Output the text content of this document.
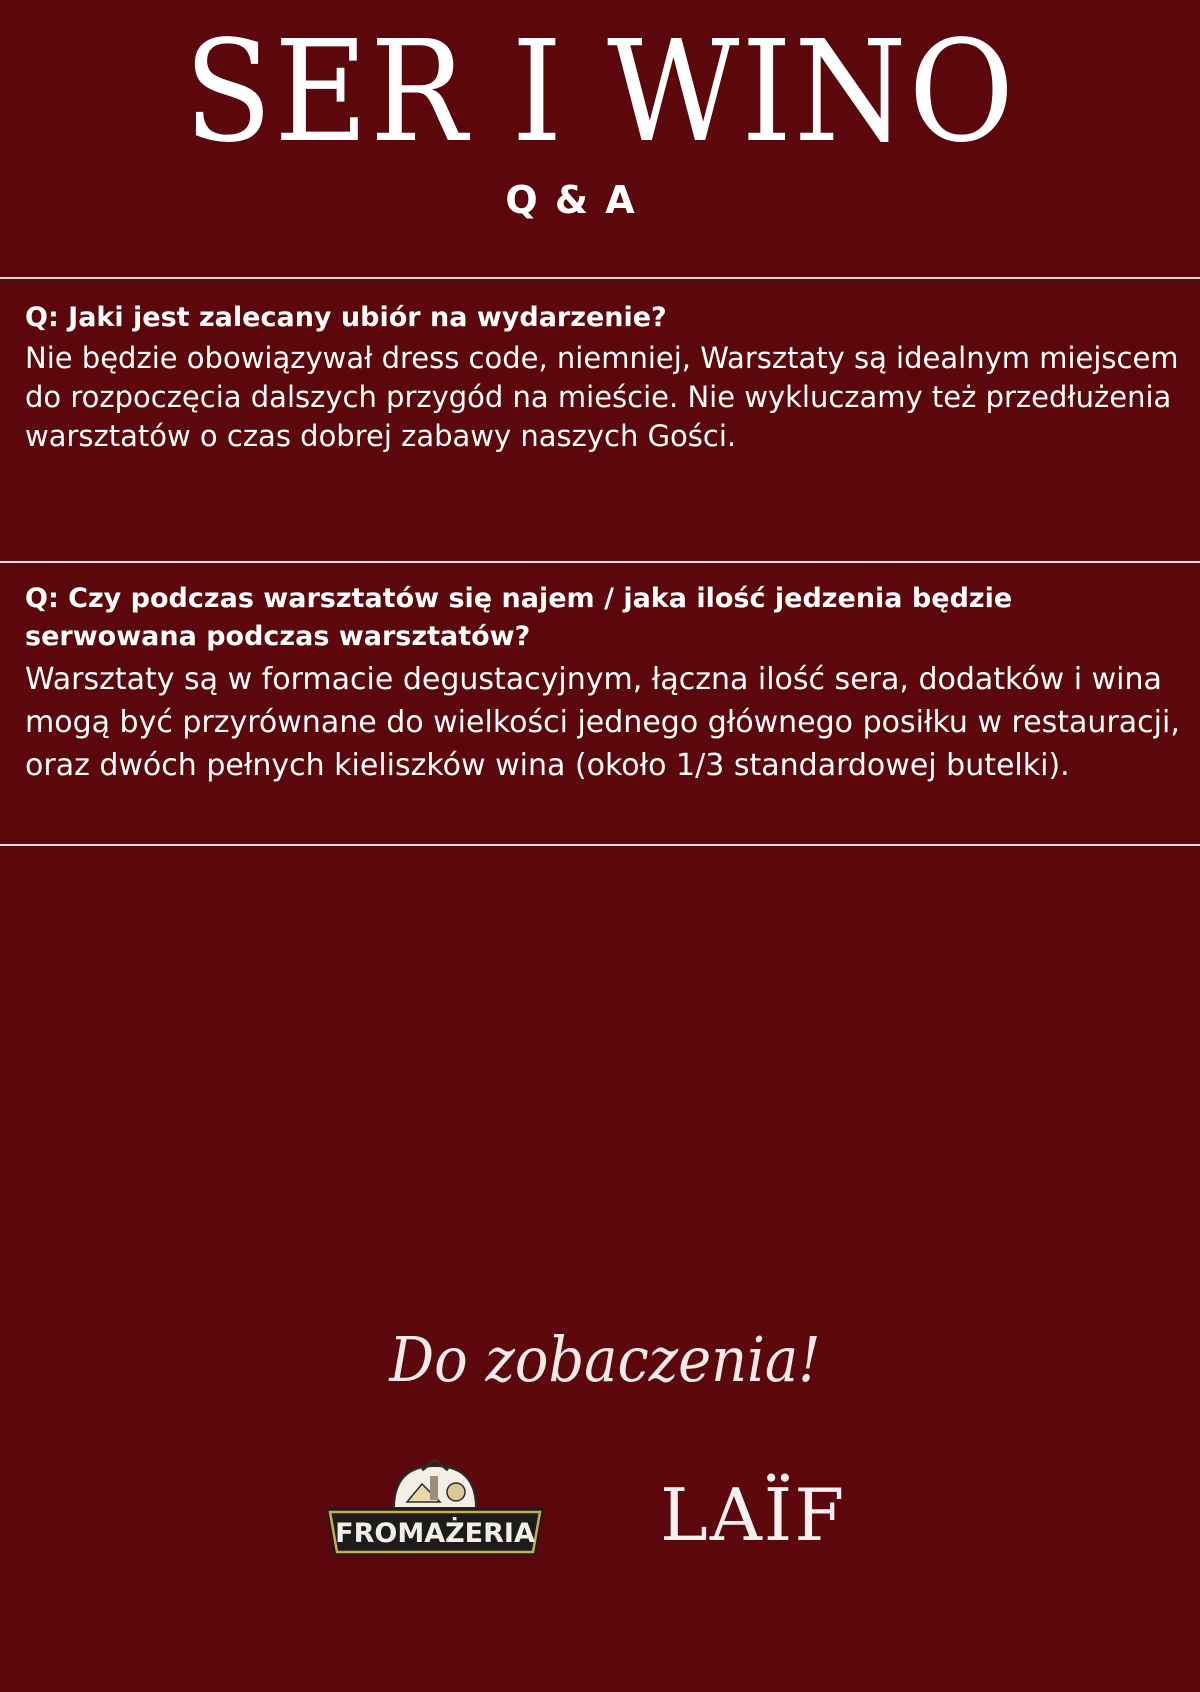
SER I WINO
Q & A
Q: Jaki jest zalecany ubiór na wydarzenie?
Nie będzie obowiązywał dress code, niemniej, Warsztaty są idealnym miejscem do rozpoczęcia dalszych przygód na mieście. Nie wykluczamy też przedłużenia warsztatów o czas dobrej zabawy naszych Gości.
Q: Czy podczas warsztatów się najem / jaka ilość jedzenia będzie serwowana podczas warsztatów?
Warsztaty są w formacie degustacyjnym, łączna ilość sera, dodatków i wina mogą być przyrównane do wielkości jednego głównego posiłku w restauracji, oraz dwóch pełnych kieliszków wina (około 1/3 standardowej butelki).
Do zobaczenia!
FROMAŻERIA LAÏF
